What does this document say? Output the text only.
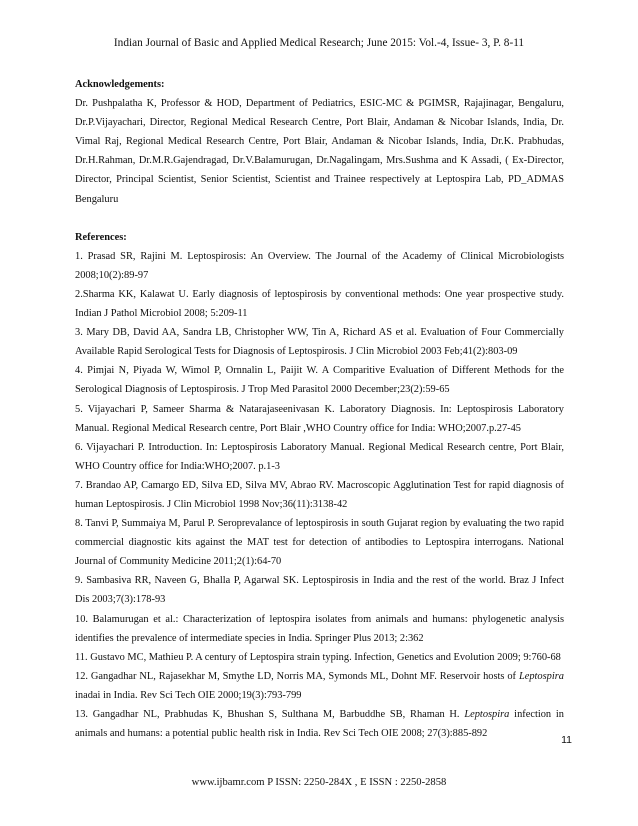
Indian Journal of Basic and Applied Medical Research; June 2015: Vol.-4, Issue- 3, P. 8-11
Acknowledgements:
Dr. Pushpalatha K, Professor & HOD, Department of Pediatrics, ESIC-MC & PGIMSR, Rajajinagar, Bengaluru, Dr.P.Vijayachari, Director, Regional Medical Research Centre, Port Blair, Andaman & Nicobar Islands, India, Dr. Vimal Raj, Regional Medical Research Centre, Port Blair, Andaman & Nicobar Islands, India, Dr.K. Prabhudas, Dr.H.Rahman, Dr.M.R.Gajendragad, Dr.V.Balamurugan, Dr.Nagalingam, Mrs.Sushma and K Assadi, ( Ex-Director, Director, Principal Scientist, Senior Scientist, Scientist and Trainee respectively at Leptospira Lab, PD_ADMAS Bengaluru
References:
1. Prasad SR, Rajini M. Leptospirosis: An Overview. The Journal of the Academy of Clinical Microbiologists 2008;10(2):89-97
2.Sharma KK, Kalawat U. Early diagnosis of leptospirosis by conventional methods: One year prospective study. Indian J Pathol Microbiol 2008; 5:209-11
3. Mary DB, David AA, Sandra LB, Christopher WW, Tin A, Richard AS et al. Evaluation of Four Commercially Available Rapid Serological Tests for Diagnosis of Leptospirosis. J Clin Microbiol 2003 Feb;41(2):803-09
4. Pimjai N, Piyada W, Wimol P, Ornnalin L, Paijit W. A Comparitive Evaluation of Different Methods for the Serological Diagnosis of Leptospirosis. J Trop Med Parasitol 2000 December;23(2):59-65
5. Vijayachari P, Sameer Sharma & Natarajaseenivasan K. Laboratory Diagnosis. In: Leptospirosis Laboratory Manual. Regional Medical Research centre, Port Blair ,WHO Country office for India: WHO;2007.p.27-45
6. Vijayachari P. Introduction. In: Leptospirosis Laboratory Manual. Regional Medical Research centre, Port Blair, WHO Country office for India:WHO;2007. p.1-3
7. Brandao AP, Camargo ED, Silva ED, Silva MV, Abrao RV. Macroscopic Agglutination Test for rapid diagnosis of human Leptospirosis. J Clin Microbiol 1998 Nov;36(11):3138-42
8. Tanvi P, Summaiya M, Parul P. Seroprevalance of leptospirosis in south Gujarat region by evaluating the two rapid commercial diagnostic kits against the MAT test for detection of antibodies to Leptospira interrogans. National Journal of Community Medicine 2011;2(1):64-70
9. Sambasiva RR, Naveen G, Bhalla P, Agarwal SK. Leptospirosis in India and the rest of the world. Braz J Infect Dis 2003;7(3):178-93
10. Balamurugan et al.: Characterization of leptospira isolates from animals and humans: phylogenetic analysis identifies the prevalence of intermediate species in India. Springer Plus 2013; 2:362
11. Gustavo MC, Mathieu P. A century of Leptospira strain typing. Infection, Genetics and Evolution 2009; 9:760-68
12. Gangadhar NL, Rajasekhar M, Smythe LD, Norris MA, Symonds ML, Dohnt MF. Reservoir hosts of Leptospira inadai in India. Rev Sci Tech OIE 2000;19(3):793-799
13. Gangadhar NL, Prabhudas K, Bhushan S, Sulthana M, Barbuddhe SB, Rhaman H. Leptospira infection in animals and humans: a potential public health risk in India. Rev Sci Tech OIE 2008; 27(3):885-892
11
www.ijbamr.com P ISSN: 2250-284X , E ISSN : 2250-2858
